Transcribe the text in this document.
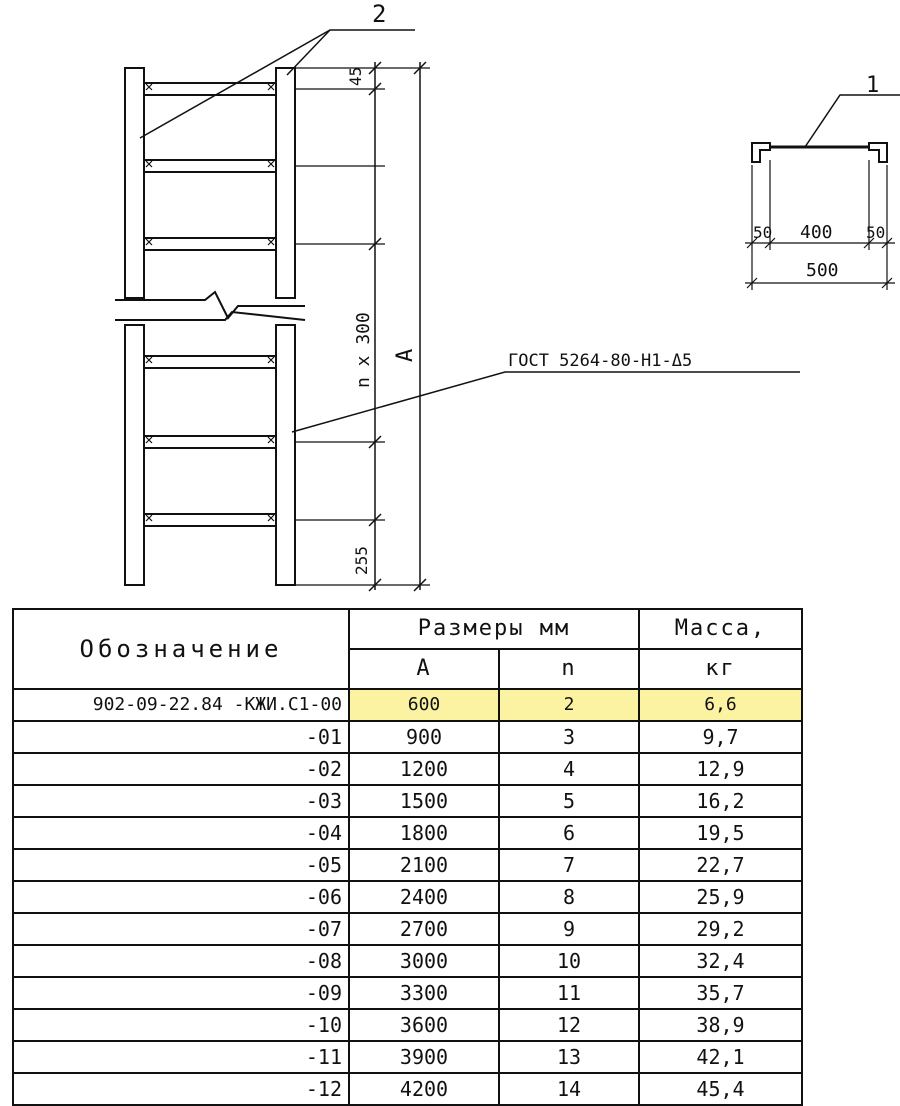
2
1
45
n x 300 A
255
ГОСТ 5264-80-Н1-Δ5
50 400 50
500
Обозначение	Размеры мм		Масса,
	A	n	кг
902-09-22.84 -КЖИ.С1-00	600	2	6,6
-01	900	3	9,7
-02	1200	4	12,9
-03	1500	5	16,2
-04	1800	6	19,5
-05	2100	7	22,7
-06	2400	8	25,9
-07	2700	9	29,2
-08	3000	10	32,4
-09	3300	11	35,7
-10	3600	12	38,9
-11	3900	13	42,1
-12	4200	14	45,4
